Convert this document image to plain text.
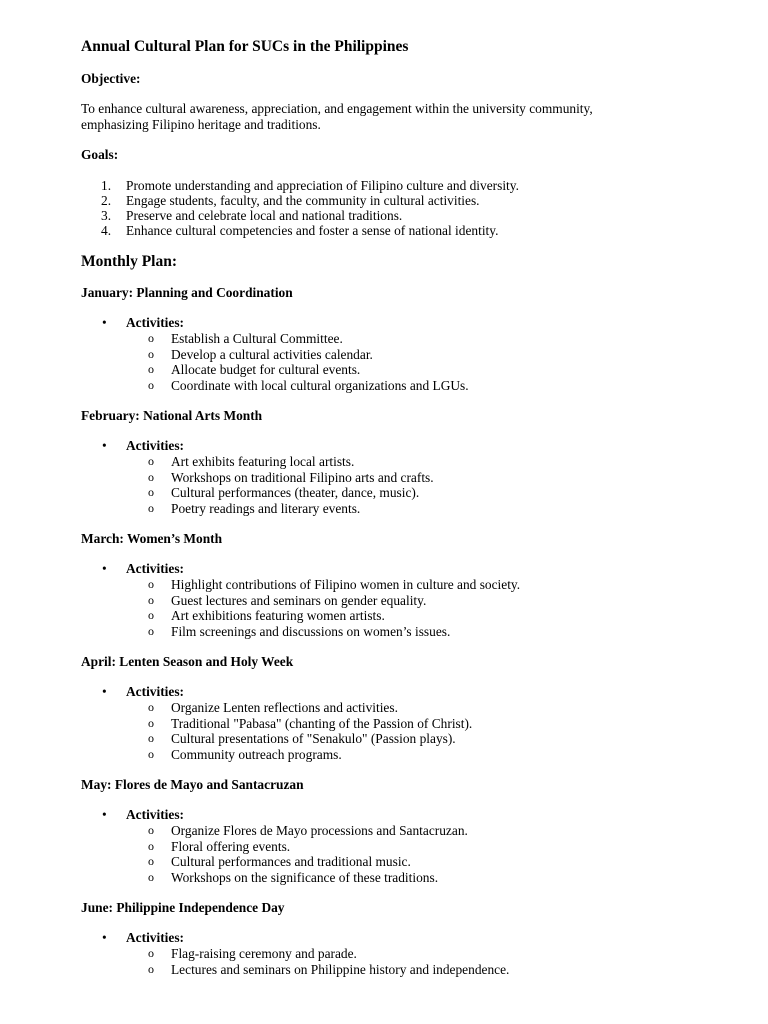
Annual Cultural Plan for SUCs in the Philippines
Objective:
To enhance cultural awareness, appreciation, and engagement within the university community,
emphasizing Filipino heritage and traditions.
Goals:
1. Promote understanding and appreciation of Filipino culture and diversity.
2. Engage students, faculty, and the community in cultural activities.
3. Preserve and celebrate local and national traditions.
4. Enhance cultural competencies and foster a sense of national identity.
Monthly Plan:
January: Planning and Coordination
• Activities:
o Establish a Cultural Committee.
o Develop a cultural activities calendar.
o Allocate budget for cultural events.
o Coordinate with local cultural organizations and LGUs.
February: National Arts Month
• Activities:
o Art exhibits featuring local artists.
o Workshops on traditional Filipino arts and crafts.
o Cultural performances (theater, dance, music).
o Poetry readings and literary events.
March: Women’s Month
• Activities:
o Highlight contributions of Filipino women in culture and society.
o Guest lectures and seminars on gender equality.
o Art exhibitions featuring women artists.
o Film screenings and discussions on women’s issues.
April: Lenten Season and Holy Week
• Activities:
o Organize Lenten reflections and activities.
o Traditional "Pabasa" (chanting of the Passion of Christ).
o Cultural presentations of "Senakulo" (Passion plays).
o Community outreach programs.
May: Flores de Mayo and Santacruzan
• Activities:
o Organize Flores de Mayo processions and Santacruzan.
o Floral offering events.
o Cultural performances and traditional music.
o Workshops on the significance of these traditions.
June: Philippine Independence Day
• Activities:
o Flag-raising ceremony and parade.
o Lectures and seminars on Philippine history and independence.
